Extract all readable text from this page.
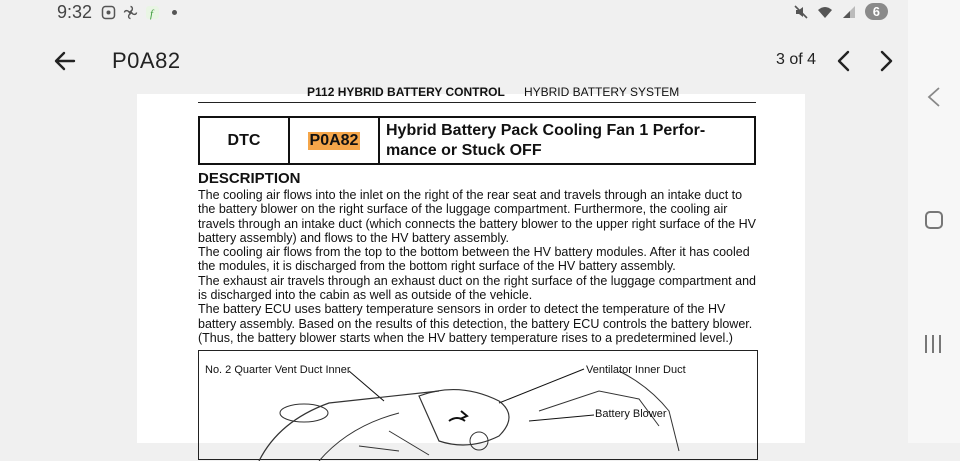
9:32	f	6
P0A82	3 of 4
P112 HYBRID BATTERY CONTROL HYBRID BATTERY SYSTEM
DTC	P0A82
Hybrid Battery Pack Cooling Fan 1 Perfor-
mance or Stuck OFF
DESCRIPTION

The cooling air flows into the inlet on the right of the rear seat and travels through an intake duct to the battery blower on the right surface of the luggage compartment. Furthermore, the cooling air travels through an intake duct (which connects the battery blower to the upper right surface of the HV battery assembly) and flows to the HV battery assembly.

The cooling air flows from the top to the bottom between the HV battery modules. After it has cooled the modules, it is discharged from the bottom right surface of the HV battery assembly.

The exhaust air travels through an exhaust duct on the right surface of the luggage compartment and is discharged into the cabin as well as outside of the vehicle.

The battery ECU uses battery temperature sensors in order to detect the temperature of the HV battery assembly. Based on the results of this detection, the battery ECU controls the battery blower. (Thus, the battery blower starts when the HV battery temperature rises to a predetermined level.)

No. 2 Quarter Vent Duct Inner	Ventilator Inner Duct
Battery Blower
